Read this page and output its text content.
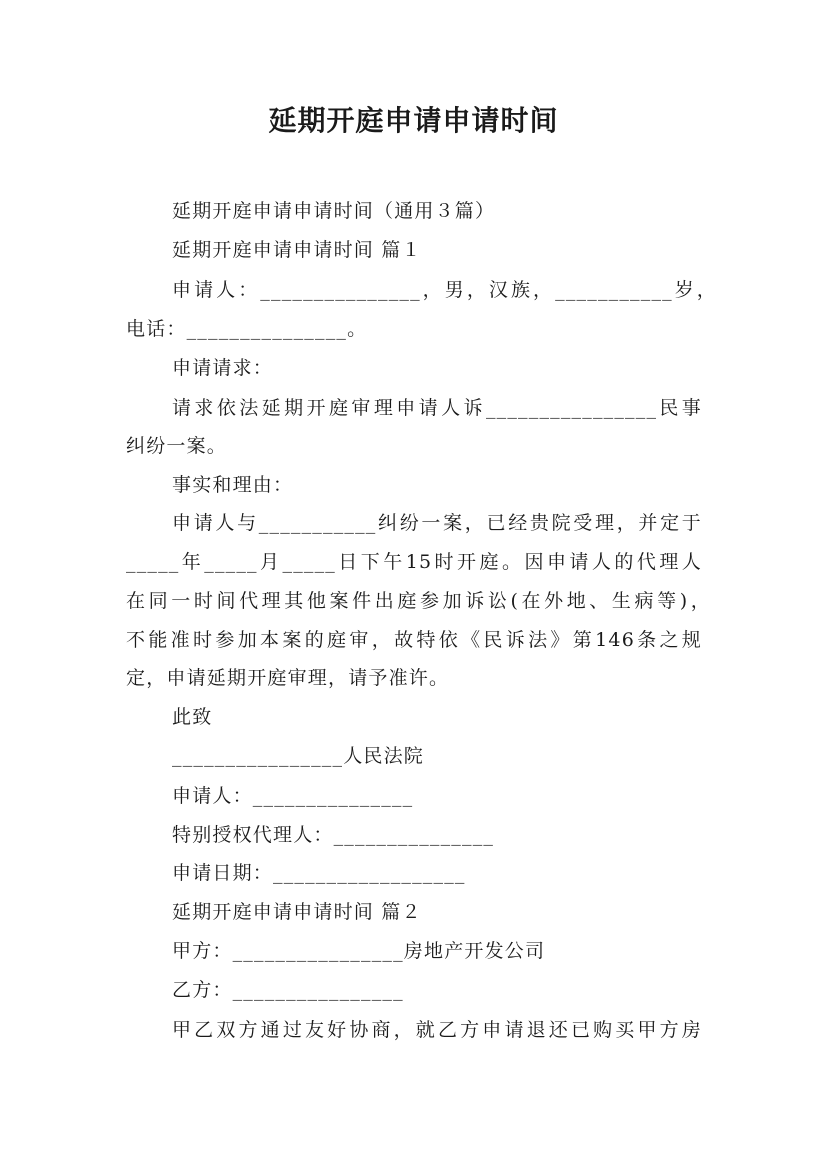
延期开庭申请申请时间
延期开庭申请申请时间（通用３篇）
延期开庭申请申请时间 篇１
申请人：_______________，男，汉族，___________岁，
电话：_______________。
申请请求：
请求依法延期开庭审理申请人诉________________民事
纠纷一案。
事实和理由：
申请人与___________纠纷一案，已经贵院受理，并定于
_____年_____月_____日下午15时开庭。因申请人的代理人
在同一时间代理其他案件出庭参加诉讼(在外地、生病等)，
不能准时参加本案的庭审，故特依《民诉法》第146条之规
定，申请延期开庭审理，请予准许。
此致
________________人民法院
申请人：_______________
特别授权代理人：_______________
申请日期：__________________
延期开庭申请申请时间 篇２
甲方：________________房地产开发公司
乙方：________________
甲乙双方通过友好协商，就乙方申请退还已购买甲方房
